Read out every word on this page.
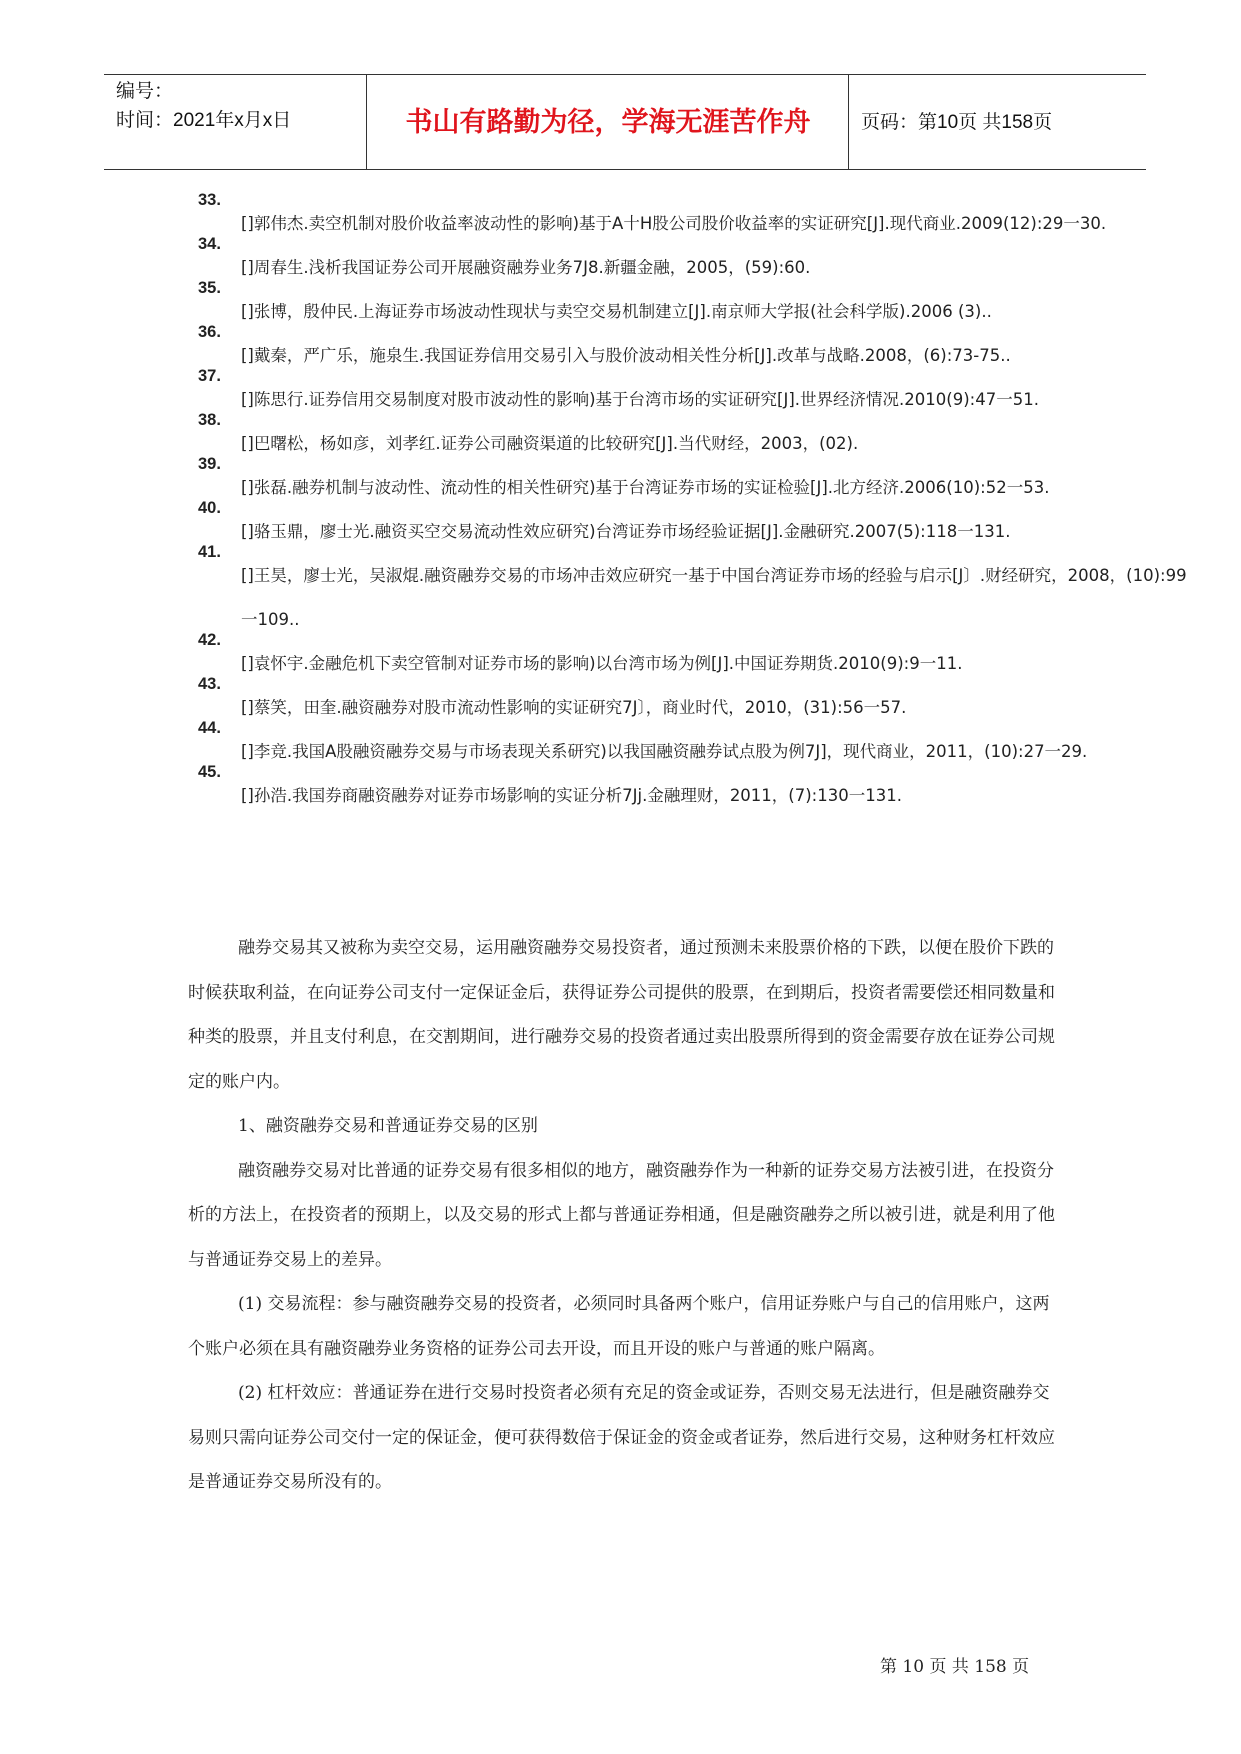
编号：
时间：2021年x月x日	书山有路勤为径，学海无涯苦作舟	页码：第10页 共158页
33.
[]郭伟杰.卖空机制对股价收益率波动性的影响)基于A十H股公司股价收益率的实证研究[J].现代商业.2009(12):29一30.
34.
[]周春生.浅析我国证券公司开展融资融券业务7J8.新疆金融，2005，(59):60.
35.
[]张博，殷仲民.上海证券市场波动性现状与卖空交易机制建立[J].南京师大学报(社会科学版).2006 (3)..
36.
[]戴秦，严广乐，施泉生.我国证券信用交易引入与股价波动相关性分析[J].改革与战略.2008，(6):73-75..
37.
[]陈思行.证券信用交易制度对股市波动性的影响)基于台湾市场的实证研究[J].世界经济情况.2010(9):47一51.
38.
[]巴曙松，杨如彦，刘孝红.证券公司融资渠道的比较研究[J].当代财经，2003，(02).
39.
[]张磊.融券机制与波动性、流动性的相关性研究)基于台湾证券市场的实证检验[J].北方经济.2006(10):52一53.
40.
[]骆玉鼎，廖士光.融资买空交易流动性效应研究)台湾证券市场经验证据[J].金融研究.2007(5):118一131.
41.
[]王昊，廖士光，吴淑焜.融资融券交易的市场冲击效应研究一基于中国台湾证券市场的经验与启示[J〕.财经研究，2008，(10):99一109..
42.
[]袁怀宇.金融危机下卖空管制对证券市场的影响)以台湾市场为例[J].中国证券期货.2010(9):9一11.
43.
[]蔡笑，田奎.融资融券对股市流动性影响的实证研究7J〕，商业时代，2010，(31):56一57.
44.
[]李竞.我国A股融资融券交易与市场表现关系研究)以我国融资融券试点股为例7J]，现代商业，2011，(10):27一29.
45.
[]孙浩.我国券商融资融券对证券市场影响的实证分析7Jj.金融理财，2011，(7):130一131.

融券交易其又被称为卖空交易，运用融资融券交易投资者，通过预测未来股票价格的下跌，以便在股价下跌的时候获取利益，在向证券公司支付一定保证金后，获得证券公司提供的股票，在到期后，投资者需要偿还相同数量和种类的股票，并且支付利息，在交割期间，进行融券交易的投资者通过卖出股票所得到的资金需要存放在证券公司规定的账户内。

1、融资融券交易和普通证券交易的区别

融资融券交易对比普通的证券交易有很多相似的地方，融资融券作为一种新的证券交易方法被引进，在投资分析的方法上，在投资者的预期上，以及交易的形式上都与普通证券相通，但是融资融券之所以被引进，就是利用了他与普通证券交易上的差异。

(1) 交易流程：参与融资融券交易的投资者，必须同时具备两个账户，信用证券账户与自己的信用账户，这两个账户必须在具有融资融券业务资格的证券公司去开设，而且开设的账户与普通的账户隔离。

(2) 杠杆效应：普通证券在进行交易时投资者必须有充足的资金或证券，否则交易无法进行，但是融资融券交易则只需向证券公司交付一定的保证金，便可获得数倍于保证金的资金或者证券，然后进行交易，这种财务杠杆效应是普通证券交易所没有的。

第 10 页 共 158 页
